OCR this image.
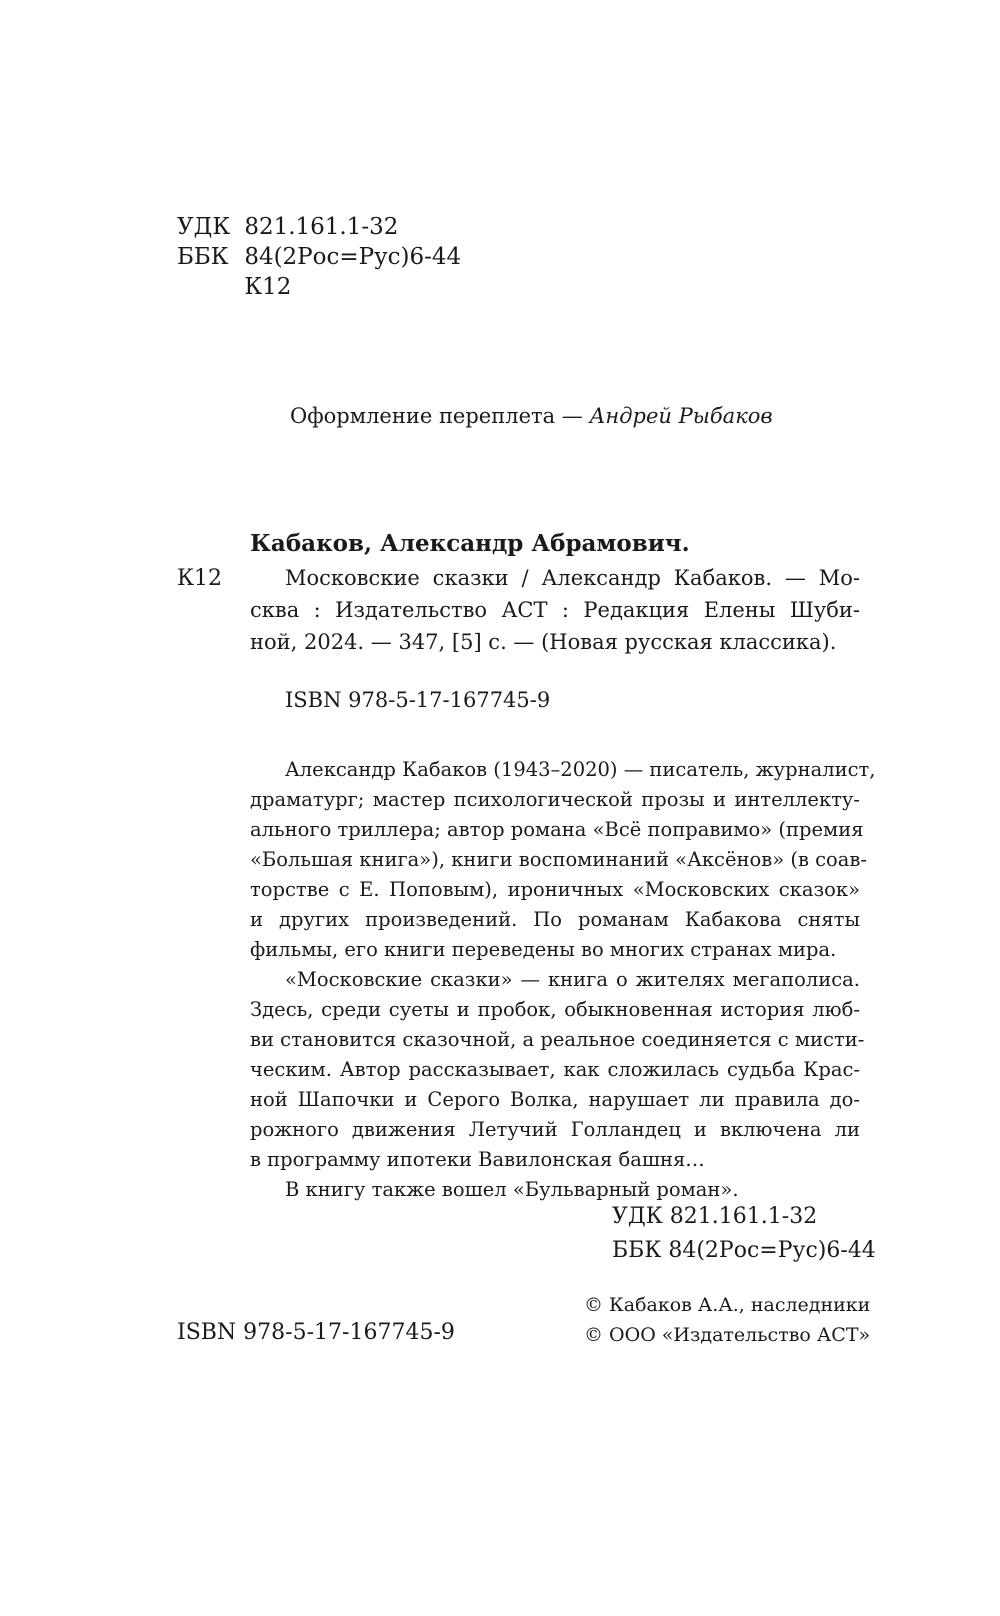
УДК 821.161.1-32
ББК 84(2Рос=Рус)6-44
К12
Оформление переплета — Андрей Рыбаков
Кабаков, Александр Абрамович.
К12	Московские сказки / Александр Кабаков. — Мо-
сква : Издательство АСТ : Редакция Елены Шуби-
ной, 2024. — 347, [5] с. — (Новая русская классика).
ISBN 978-5-17-167745-9
Александр Кабаков (1943–2020) — писатель, журналист,
драматург; мастер психологической прозы и интеллекту-
ального триллера; автор романа «Всё поправимо» (премия
«Большая книга»), книги воспоминаний «Аксёнов» (в соав-
торстве с Е. Поповым), ироничных «Московских сказок»
и других произведений. По романам Кабакова сняты
фильмы, его книги переведены во многих странах мира.
«Московские сказки» — книга о жителях мегаполиса.
Здесь, среди суеты и пробок, обыкновенная история люб-
ви становится сказочной, а реальное соединяется с мисти-
ческим. Автор рассказывает, как сложилась судьба Крас-
ной Шапочки и Серого Волка, нарушает ли правила до-
рожного движения Летучий Голландец и включена ли
в программу ипотеки Вавилонская башня…
В книгу также вошел «Бульварный роман».
УДК 821.161.1-32
ББК 84(2Рос=Рус)6-44
© Кабаков А.А., наследники
© ООО «Издательство АСТ»
ISBN 978-5-17-167745-9
